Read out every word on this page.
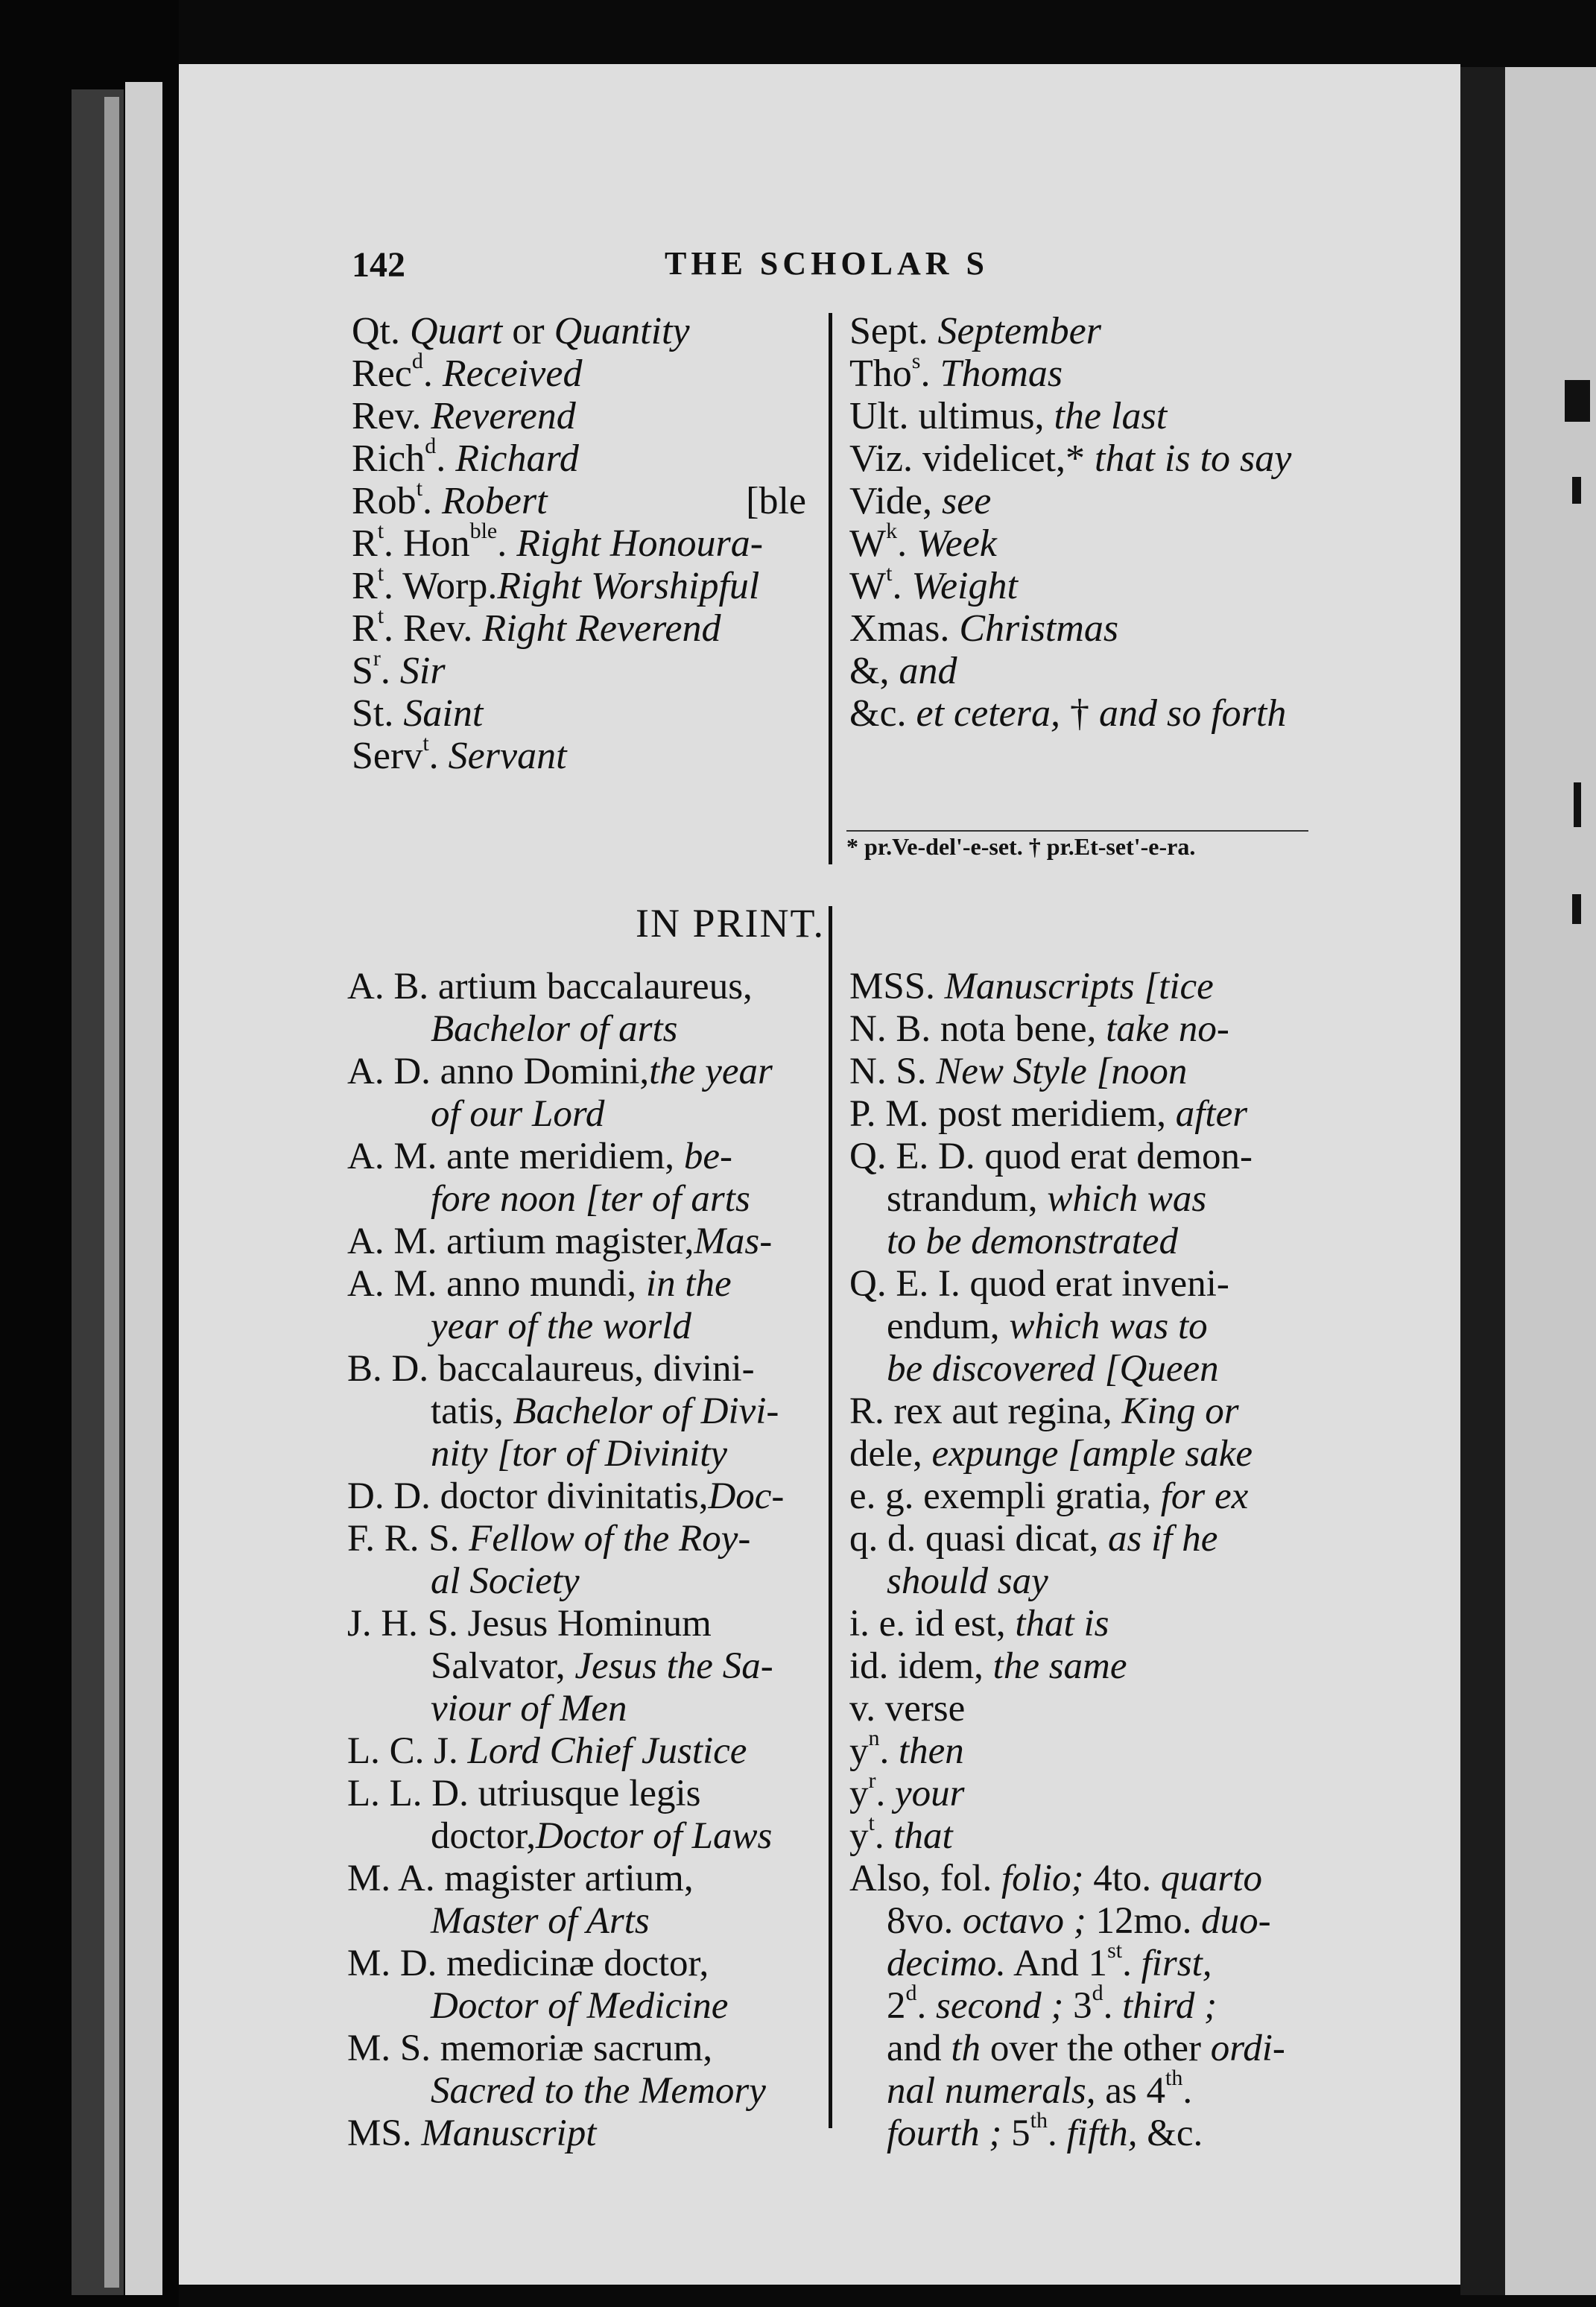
142	THE SCHOLAR S
Qt. Quart or Quantity
Rec$^d$. Received
Rev. Reverend
Rich$^d$. Richard
Rob$^t$. Robert	[ble
$R^t$. Hon$^{ble}$. Right Honoura-
$R^t$. Worp.Right Worshipful
$R^t$. Rev. Right Reverend
$S^r$. Sir
St. Saint
Serv$^t$. Servant
Sept. September
Tho$^s$. Thomas
Ult. ultimus, the last
Viz. videlicet,* that is to say
Vide, see
$W^k$. Week
$W^t$. Weight
Xmas. Christmas
&, and
&c. et cetera, † and so forth
* pr.Ve-del'-e-set. † pr.Et-set'-e-ra.
IN PRINT.
A. B. artium baccalaureus,
Bachelor of arts
A. D. anno Domini,the year
of our Lord
A. M. ante meridiem, be-
fore noon [ter of arts
A. M. artium magister,Mas-
A. M. anno mundi, in the
year of the world
B. D. baccalaureus, divini-
tatis, Bachelor of Divi-
nity [tor of Divinity
D. D. doctor divinitatis,Doc-
F. R. S. Fellow of the Roy-
al Society
J. H. S. Jesus Hominum
Salvator, Jesus the Sa-
viour of Men
L. C. J. Lord Chief Justice
L. L. D. utriusque legis
doctor,Doctor of Laws
M. A. magister artium,
Master of Arts
M. D. medicinæ doctor,
Doctor of Medicine
M. S. memoriæ sacrum,
Sacred to the Memory
MS. Manuscript
MSS. Manuscripts [tice
N. B. nota bene, take no-
N. S. New Style [noon
P. M. post meridiem, after
Q. E. D. quod erat demon-
strandum, which was
to be demonstrated
Q. E. I. quod erat inveni-
endum, which was to
be discovered [Queen
R. rex aut regina, King or
dele, expunge [ample sake
e. g. exempli gratia, for ex
q. d. quasi dicat, as if he
should say
i. e. id est, that is
id. idem, the same
v. verse
$y^n$. then
$y^r$. your
$y^t$. that
Also, fol. folio; 4to. quarto
8vo. octavo ; 12mo. duo-
decimo. And 1st. first,
2$^d$. second ; 3$^d$. third ;
and th over the other ordi-
nal numerals, as 4th.
fourth ; 5th. fifth, &c.
